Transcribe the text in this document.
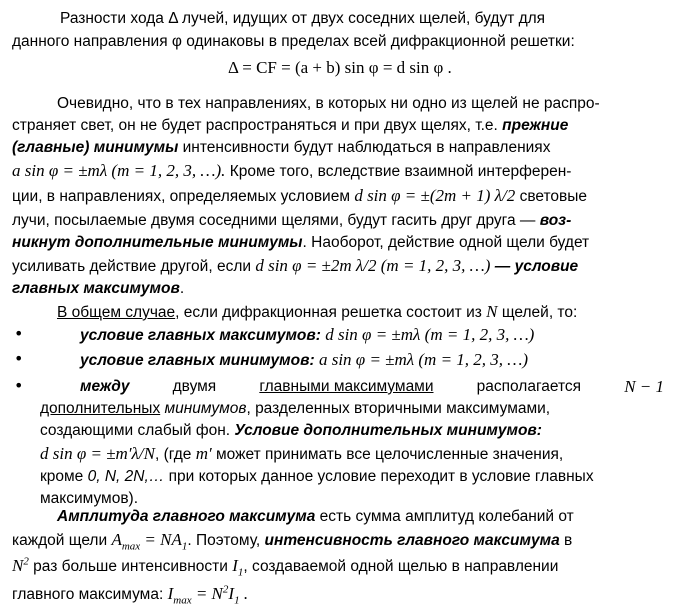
Разности хода Δ лучей, идущих от двух соседних щелей, будут для
данного направления φ одинаковы в пределах всей дифракционной решетки:
Δ = CF = (a + b) sin φ = d sin φ .
Очевидно, что в тех направлениях, в которых ни одно из щелей не распро-
страняет свет, он не будет распространяться и при двух щелях, т.е. прежние
(главные) минимумы интенсивности будут наблюдаться в направлениях
a sin φ = ±mλ (m = 1, 2, 3, …). Кроме того, вследствие взаимной интерферен-
ции, в направлениях, определяемых условием d sin φ = ±(2m + 1) λ/2 световые
лучи, посылаемые двумя соседними щелями, будут гасить друг друга — воз-
никнут дополнительные минимумы. Наоборот, действие одной щели будет
усиливать действие другой, если d sin φ = ±2m λ/2 (m = 1, 2, 3, …) — условие
главных максимумов.
В общем случае, если дифракционная решетка состоит из N щелей, то:
•	условие главных максимумов: d sin φ = ±mλ (m = 1, 2, 3, …)
•	условие главных минимумов: a sin φ = ±mλ (m = 1, 2, 3, …)
•	между	двумя	главными максимумами	располагается	N − 1
дополнительных минимумов, разделенных вторичными максимумами,
создающими слабый фон. Условие дополнительных минимумов:
d sin φ = ±m′λ/N, (где m′ может принимать все целочисленные значения,
кроме 0, N, 2N,… при которых данное условие переходит в условие главных
максимумов).
Амплитуда главного максимума есть сумма амплитуд колебаний от
каждой щели $A_{max} = NA_1$. Поэтому, интенсивность главного максимума в
$N^2$ раз больше интенсивности $I_1$, создаваемой одной щелью в направлении
главного максимума: $I_{max} = N^2I_1$ .
